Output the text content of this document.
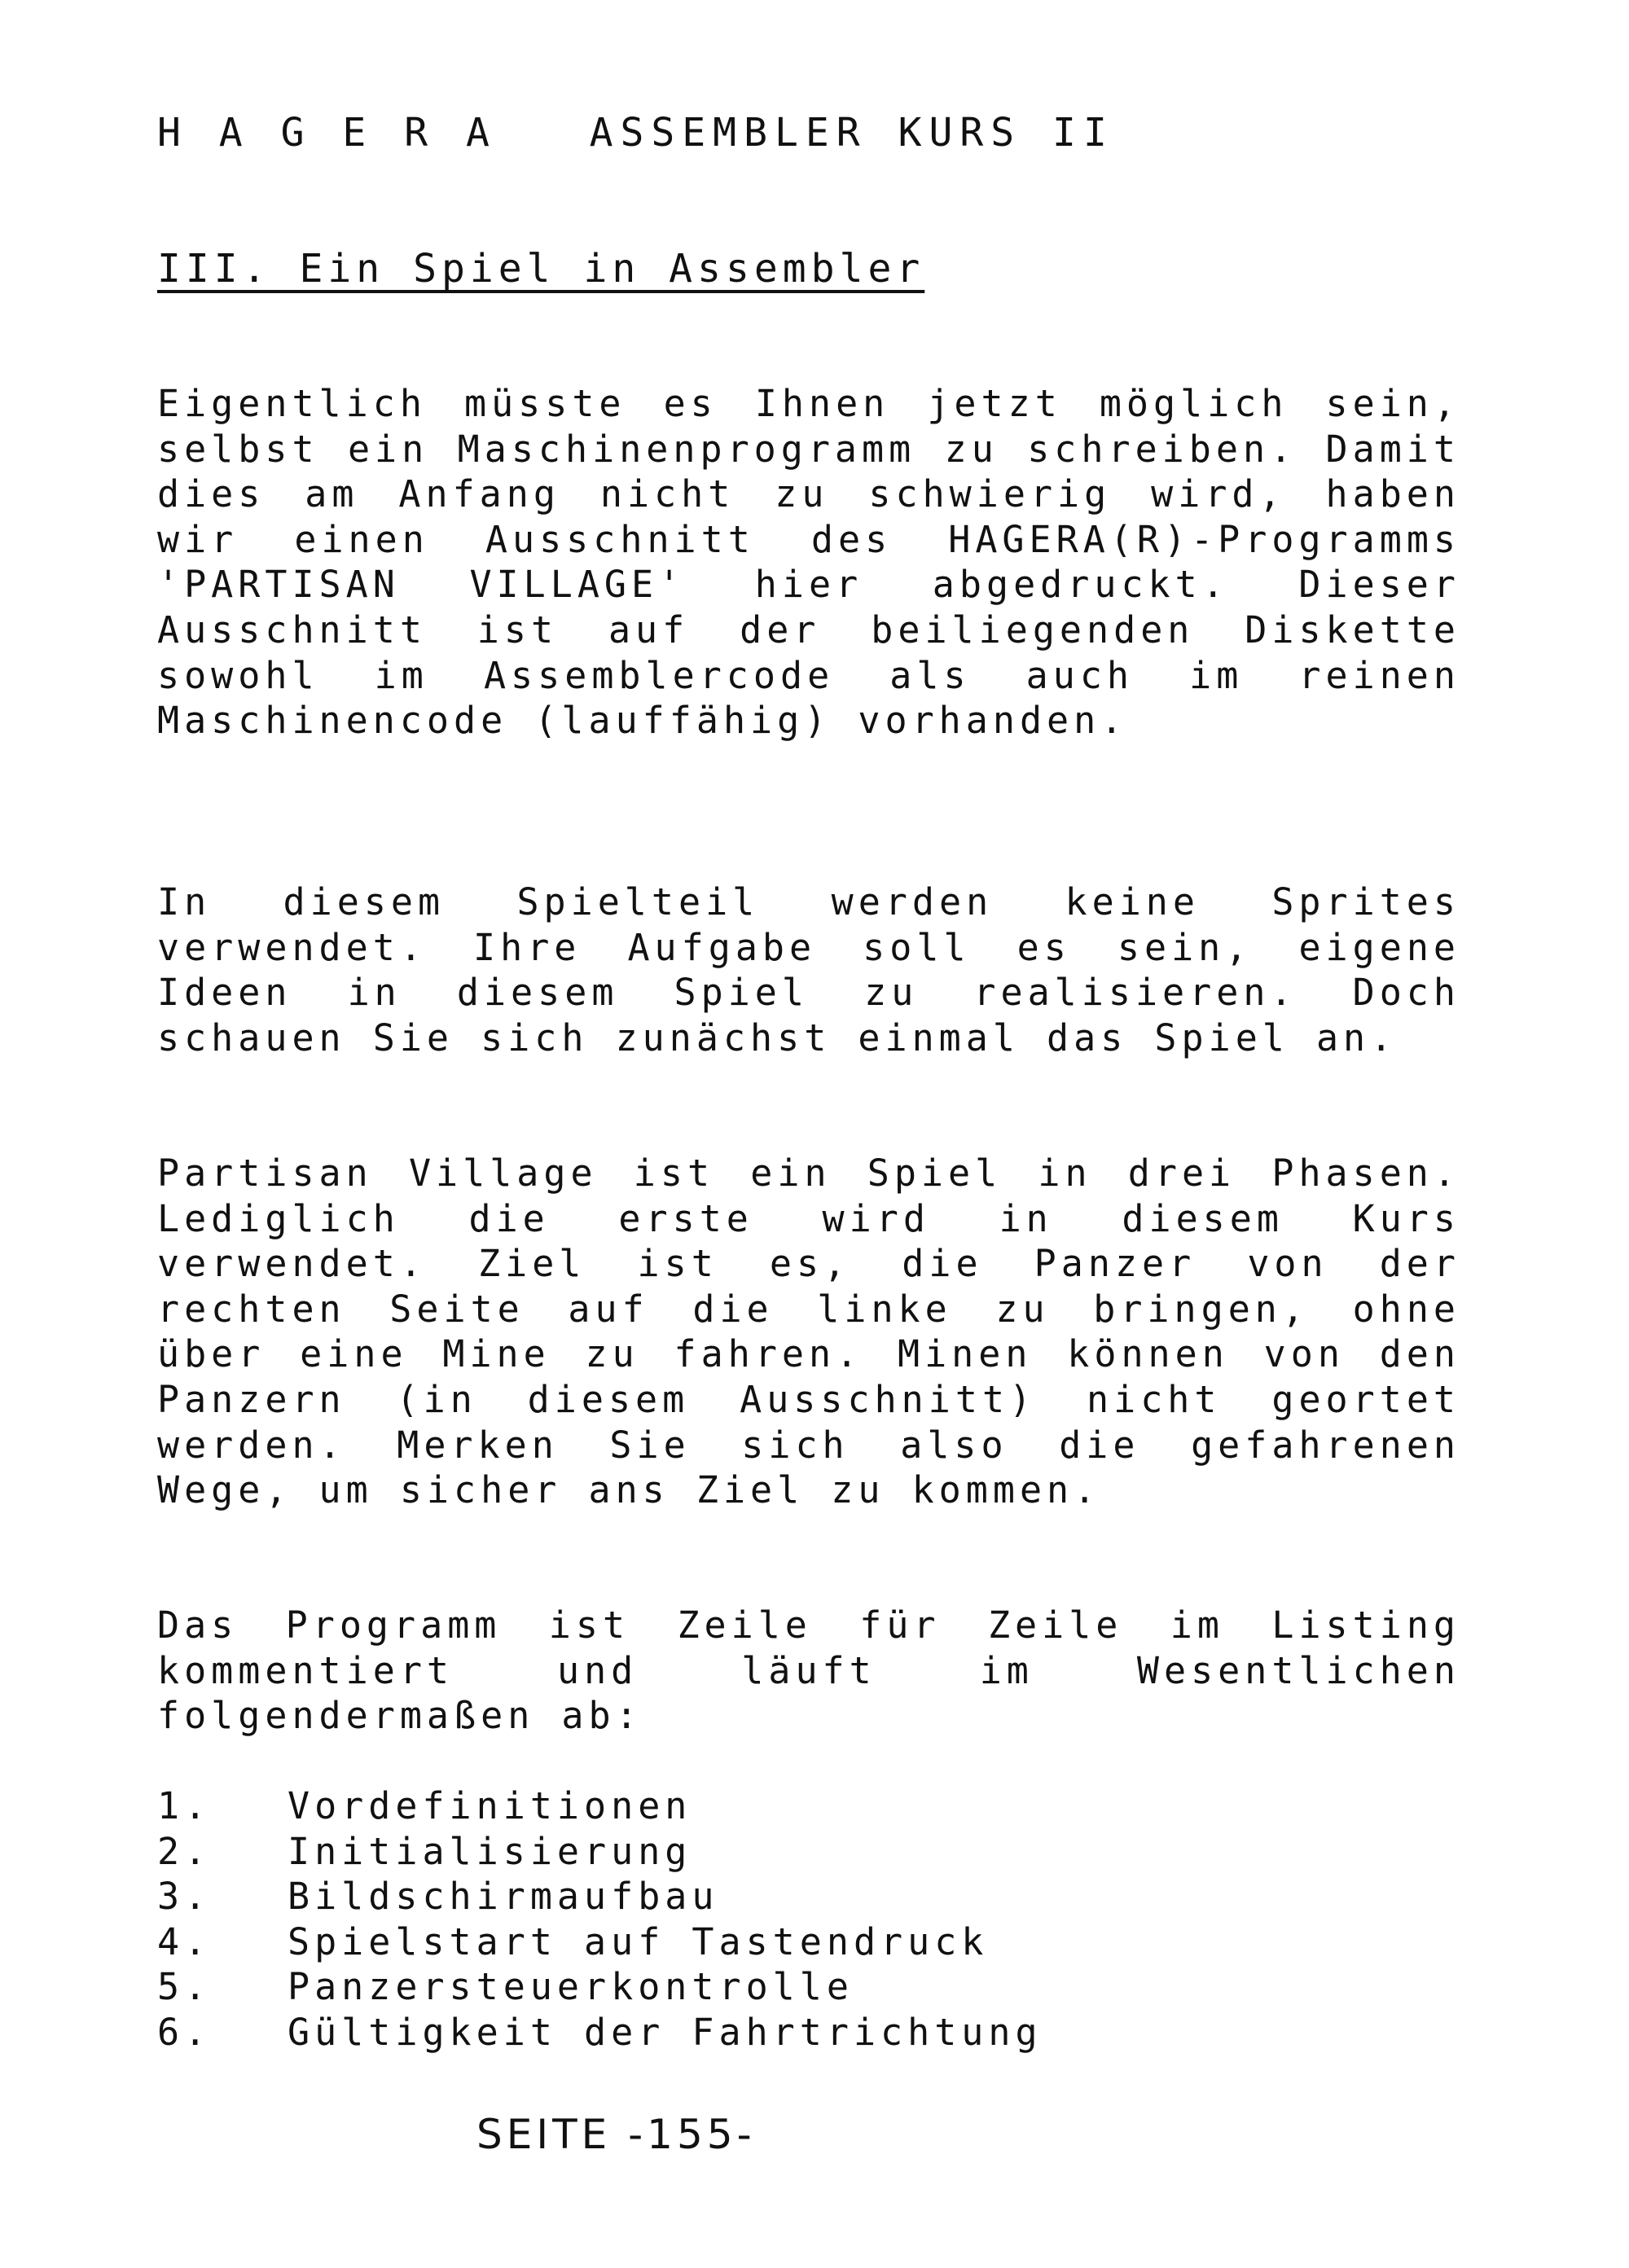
H A G E R A   ASSEMBLER KURS II
III. Ein Spiel in Assembler

Eigentlich müsste es Ihnen jetzt möglich sein, selbst ein Maschinenprogramm zu schreiben. Damit dies am Anfang nicht zu schwierig wird, haben wir einen Ausschnitt des HAGERA(R)-Programms 'PARTISAN VILLAGE' hier abgedruckt. Dieser Ausschnitt ist auf der beiliegenden Diskette sowohl im Assemblercode als auch im reinen Maschinencode (lauffähig) vorhanden.

In diesem Spielteil werden keine Sprites verwendet. Ihre Aufgabe soll es sein, eigene Ideen in diesem Spiel zu realisieren. Doch schauen Sie sich zunächst einmal das Spiel an.

Partisan Village ist ein Spiel in drei Phasen. Lediglich die erste wird in diesem Kurs verwendet. Ziel ist es, die Panzer von der rechten Seite auf die linke zu bringen, ohne über eine Mine zu fahren. Minen können von den Panzern (in diesem Ausschnitt) nicht geortet werden. Merken Sie sich also die gefahrenen Wege, um sicher ans Ziel zu kommen.

Das Programm ist Zeile für Zeile im Listing kommentiert und läuft im Wesentlichen folgendermaßen ab:

1.	Vordefinitionen
2.	Initialisierung
3.	Bildschirmaufbau
4.	Spielstart auf Tastendruck
5.	Panzersteuerkontrolle
6.	Gültigkeit der Fahrtrichtung
SEITE -155-
